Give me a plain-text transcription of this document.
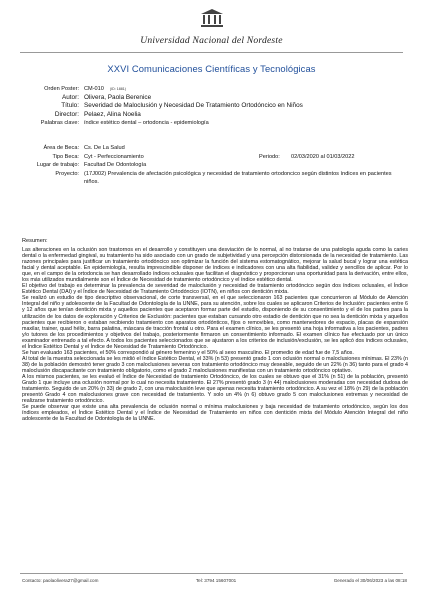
Universidad Nacional del Nordeste
XXVI Comunicaciones Científicas y Tecnológicas
Orden Poster: CM-010 (ID: 1881)
Autor: Olivera, Paola Berenice
Título: Severidad de Maloclusión y Necesidad De Tratamiento Ortodóncico en Niños
Director: Pelaez, Alina Noelia
Palabras clave: índice estético dental – ortodoncia - epidemiología
Área de Beca: Cs. De La Salud
Tipo Beca: Cyt - Perfeccionamiento	Periodo:	02/03/2020 al 01/03/2022
Lugar de trabajo: Facultad De Odontología
Proyecto: (17J002) Prevalencia de afectación psicológica y necesidad de tratamiento ortodoncico según distintos índices en pacientes niños.
Resumen:

Las alteraciones en la oclusión son trastornos en el desarrollo y constituyen una desviación de lo normal, al no tratarse de una patología aguda como la caries dental o la enfermedad gingival, su tratamiento ha sido asociado con un grado de subjetividad y una percepción distorsionada de la necesidad de tratamiento. Las razones principales para justificar un tratamiento ortodóncico son optimizar la función del sistema estomatognático, mejorar la salud bucal y lograr una estética facial y dental aceptable. En epidemiología, resulta imprescindible disponer de índices e indicadores con una alta fiabilidad, validez y sencillos de aplicar. Por lo que, en el campo de la ortodoncia se han desarrollado índices oclusales que facilitan el diagnóstico y proporcionan una oportunidad para la derivación, entre ellos, los más utilizados mundialmente son el Índice de Necesidad de tratamiento ortodóncico y el índice estético dental.

El objetivo del trabajo es determinar la prevalencia de severidad de maloclusión y necesidad de tratamiento ortodóncico según dos índices oclusales, el Índice Estético Dental (DAI) y el Índice de Necesidad de Tratamiento Ortodóncico (IOTN), en niños con dentición mixta.

Se realizó un estudio de tipo descriptivo observacional, de corte transversal, en el que seleccionaron 163 pacientes que concurrieron al Módulo de Atención Integral del niño y adolescente de la Facultad de Odontología de la UNNE, para su atención, sobre los cuales se aplicaron Criterios de Inclusión: pacientes entre 6 y 12 años que tenían dentición mixta y aquellos pacientes que aceptaron formar parte del estudio, disponiendo de su consentimiento y el de los padres para la utilización de los datos de exploración y Criterios de Exclusión: pacientes que estaban cursando otro estadio de dentición que no sea la dentición mixta y aquellos pacientes que recibieron o estaban recibiendo tratamiento con aparatos ortodónticos, fijos o removibles, como mantenedores de espacio, placas de expansión maxilar, trainer, quad hélix, barra palatina, máscara de tracción frontal u otro. Para el examen clínico, se les presentó una hoja informativa a los pacientes, padres y/o tutores de los procedimientos y objetivos del trabajo, posteriormente firmaron un consentimiento informado. El examen clínico fue efectuado por un único examinador entrenado a tal efecto. A todos los pacientes seleccionados que se ajustaron a los criterios de inclusión/exclusión, se les aplicó dos índices oclusales, el Índice Estético Dental y el Índice de Necesidad de Tratamiento Ortodóncico.

Se han evaluado 163 pacientes, el 50% correspondió al género femenino y el 50% al sexo masculino. El promedio de edad fue de 7,5 años.

Al total de la muestra seleccionada se les midió el índice Estético Dental, el 33% (n 53) presentó grado 1 con oclusión normal o maloclusiones mínimas. El 23% (n 38) de la población demostró tener grado 3 con maloclusiones severas con tratamiento ortodóncico muy deseable, seguido de un 22% (n 36) tanto para el grado 4 maloclusión discapacitante con tratamiento obligatorio, como el grado 2 maloclusiones manifiestas con un tratamiento ortodóncico optativo.

A los mismos pacientes, se les evaluó el Índice de Necesidad de tratamiento Ortodóncico, de los cuales se obtuvo que el 31% (n 51) de la población, presentó Grado 1 que incluye una oclusión normal por lo cual no necesita tratamiento. El 27% presentó grado 3 (n 44) maloclusiones moderadas con necesidad dudosa de tratamiento. Seguido de un 20% (n 33) de grado 2, con una maloclusión leve que apenas necesita tratamiento ortodóncico. A su vez el 18% (n 29) de la población presentó Grado 4 con maloclusiones grave con necesidad de tratamiento. Y solo un 4% (n 6) obtuvo grado 5 con maloclusiones extremas y necesidad de realizarse tratamiento ortodóncico.

Se puede observar que existe una alta prevalencia de oclusión normal o mínima maloclusiones y baja necesidad de tratamiento ortodóncico, según los dos índices empleados, el Índice Estético Dental y el Índice de Necesidad de Tratamiento en niños con dentición mixta del Módulo Atención Integral del niño adolescente de la Facultad de Odontología de la UNNE.

Contacto: paolaolivera27@gmail.com	Tel: 3794 15607001	Generado el 30/06/2023 a las 08:18
